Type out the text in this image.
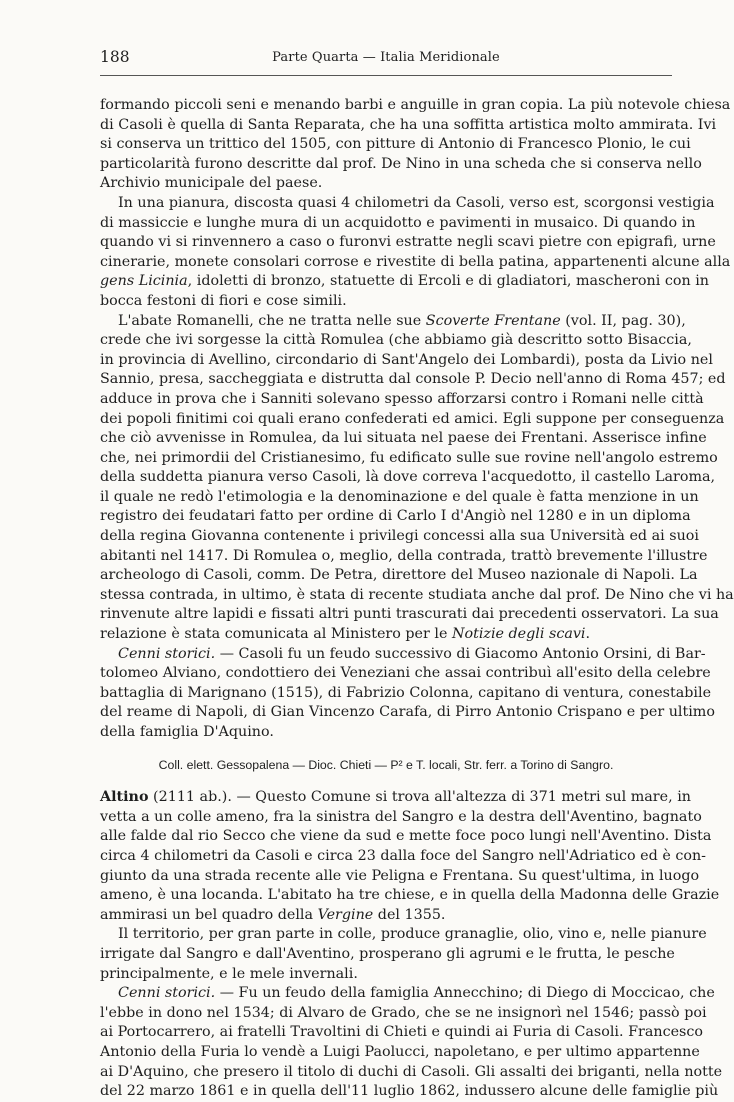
188	Parte Quarta — Italia Meridionale
formando piccoli seni e menando barbi e anguille in gran copia. La più notevole chiesa
di Casoli è quella di Santa Reparata, che ha una soffitta artistica molto ammirata. Ivi
si conserva un trittico del 1505, con pitture di Antonio di Francesco Plonio, le cui
particolarità furono descritte dal prof. De Nino in una scheda che si conserva nello
Archivio municipale del paese.
In una pianura, discosta quasi 4 chilometri da Casoli, verso est, scorgonsi vestigia
di massiccie e lunghe mura di un acquidotto e pavimenti in musaico. Di quando in
quando vi si rinvennero a caso o furonvi estratte negli scavi pietre con epigrafi, urne
cinerarie, monete consolari corrose e rivestite di bella patina, appartenenti alcune alla
gens Licinia, idoletti di bronzo, statuette di Ercoli e di gladiatori, mascheroni con in
bocca festoni di fiori e cose simili.
L'abate Romanelli, che ne tratta nelle sue Scoverte Frentane (vol. II, pag. 30),
crede che ivi sorgesse la città Romulea (che abbiamo già descritto sotto Bisaccia,
in provincia di Avellino, circondario di Sant'Angelo dei Lombardi), posta da Livio nel
Sannio, presa, saccheggiata e distrutta dal console P. Decio nell'anno di Roma 457; ed
adduce in prova che i Sanniti solevano spesso afforzarsi contro i Romani nelle città
dei popoli finitimi coi quali erano confederati ed amici. Egli suppone per conseguenza
che ciò avvenisse in Romulea, da lui situata nel paese dei Frentani. Asserisce infine
che, nei primordii del Cristianesimo, fu edificato sulle sue rovine nell'angolo estremo
della suddetta pianura verso Casoli, là dove correva l'acquedotto, il castello Laroma,
il quale ne redò l'etimologia e la denominazione e del quale è fatta menzione in un
registro dei feudatari fatto per ordine di Carlo I d'Angiò nel 1280 e in un diploma
della regina Giovanna contenente i privilegi concessi alla sua Università ed ai suoi
abitanti nel 1417. Di Romulea o, meglio, della contrada, trattò brevemente l'illustre
archeologo di Casoli, comm. De Petra, direttore del Museo nazionale di Napoli. La
stessa contrada, in ultimo, è stata di recente studiata anche dal prof. De Nino che vi ha
rinvenute altre lapidi e fissati altri punti trascurati dai precedenti osservatori. La sua
relazione è stata comunicata al Ministero per le Notizie degli scavi.
Cenni storici. — Casoli fu un feudo successivo di Giacomo Antonio Orsini, di Bar-
tolomeo Alviano, condottiero dei Veneziani che assai contribuì all'esito della celebre
battaglia di Marignano (1515), di Fabrizio Colonna, capitano di ventura, conestabile
del reame di Napoli, di Gian Vincenzo Carafa, di Pirro Antonio Crispano e per ultimo
della famiglia D'Aquino.
Coll. elett. Gessopalena — Dioc. Chieti — P² e T. locali, Str. ferr. a Torino di Sangro.
Altino (2111 ab.). — Questo Comune si trova all'altezza di 371 metri sul mare, in
vetta a un colle ameno, fra la sinistra del Sangro e la destra dell'Aventino, bagnato
alle falde dal rio Secco che viene da sud e mette foce poco lungi nell'Aventino. Dista
circa 4 chilometri da Casoli e circa 23 dalla foce del Sangro nell'Adriatico ed è con-
giunto da una strada recente alle vie Peligna e Frentana. Su quest'ultima, in luogo
ameno, è una locanda. L'abitato ha tre chiese, e in quella della Madonna delle Grazie
ammirasi un bel quadro della Vergine del 1355.
Il territorio, per gran parte in colle, produce granaglie, olio, vino e, nelle pianure
irrigate dal Sangro e dall'Aventino, prosperano gli agrumi e le frutta, le pesche
principalmente, e le mele invernali.
Cenni storici. — Fu un feudo della famiglia Annecchino; di Diego di Moccicao, che
l'ebbe in dono nel 1534; di Alvaro de Grado, che se ne insignorì nel 1546; passò poi
ai Portocarrero, ai fratelli Travoltini di Chieti e quindi ai Furia di Casoli. Francesco
Antonio della Furia lo vendè a Luigi Paolucci, napoletano, e per ultimo appartenne
ai D'Aquino, che presero il titolo di duchi di Casoli. Gli assalti dei briganti, nella notte
del 22 marzo 1861 e in quella dell'11 luglio 1862, indussero alcune delle famiglie più
